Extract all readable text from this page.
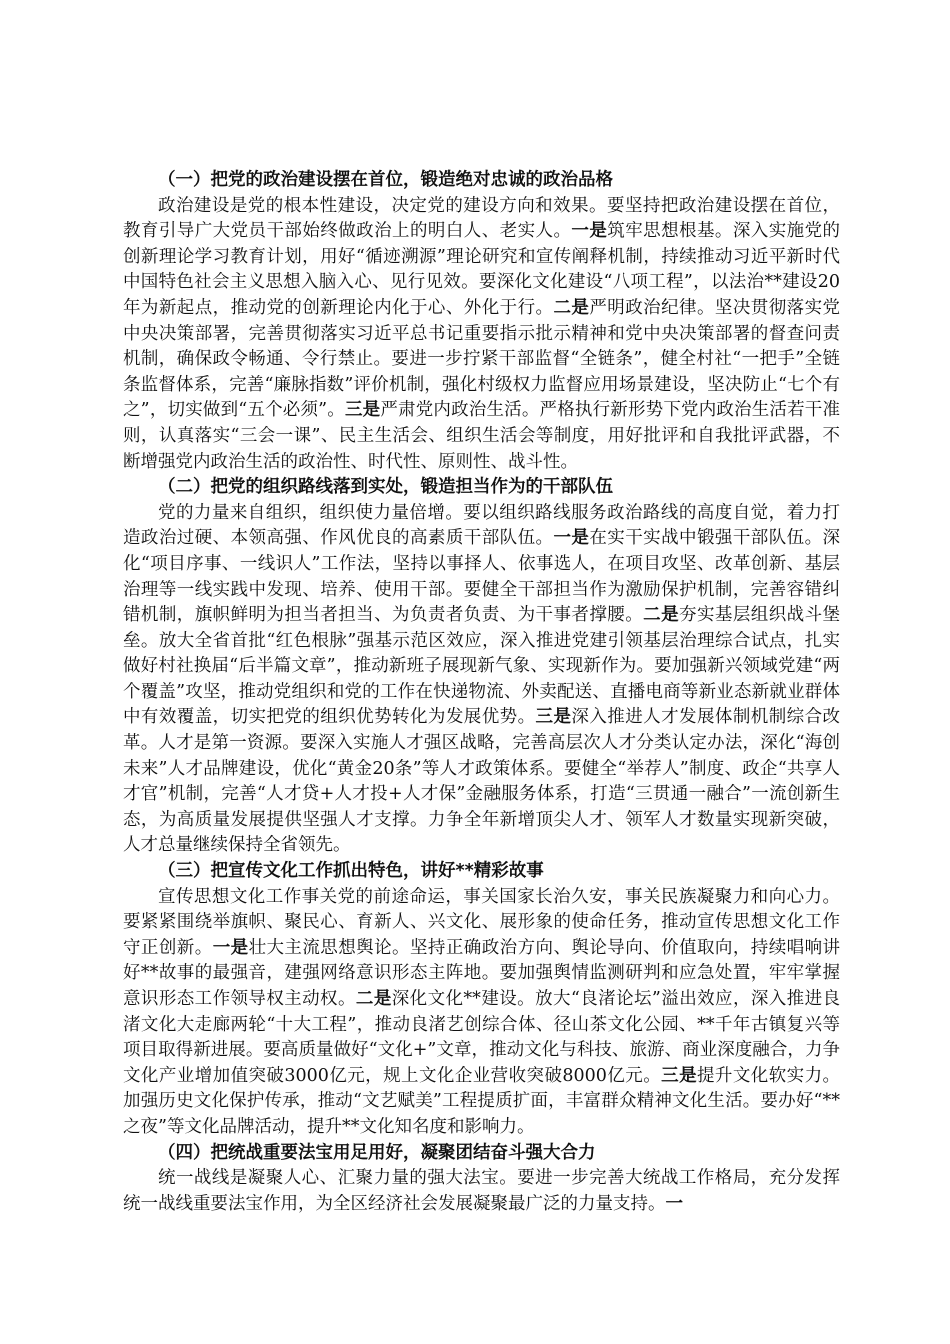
（一）把党的政治建设摆在首位，锻造绝对忠诚的政治品格
政治建设是党的根本性建设，决定党的建设方向和效果。要坚持把政治建设摆在首位，教育引导广大党员干部始终做政治上的明白人、老实人。一是筑牢思想根基。深入实施党的创新理论学习教育计划，用好“循迹溯源”理论研究和宣传阐释机制，持续推动习近平新时代中国特色社会主义思想入脑入心、见行见效。要深化文化建设“八项工程”，以法治**建设20年为新起点，推动党的创新理论内化于心、外化于行。二是严明政治纪律。坚决贯彻落实党中央决策部署，完善贯彻落实习近平总书记重要指示批示精神和党中央决策部署的督查问责机制，确保政令畅通、令行禁止。要进一步拧紧干部监督“全链条”，健全村社“一把手”全链条监督体系，完善“廉脉指数”评价机制，强化村级权力监督应用场景建设，坚决防止“七个有之”，切实做到“五个必须”。三是严肃党内政治生活。严格执行新形势下党内政治生活若干准则，认真落实“三会一课”、民主生活会、组织生活会等制度，用好批评和自我批评武器，不断增强党内政治生活的政治性、时代性、原则性、战斗性。
（二）把党的组织路线落到实处，锻造担当作为的干部队伍
党的力量来自组织，组织使力量倍增。要以组织路线服务政治路线的高度自觉，着力打造政治过硬、本领高强、作风优良的高素质干部队伍。一是在实干实战中锻强干部队伍。深化“项目序事、一线识人”工作法，坚持以事择人、依事选人，在项目攻坚、改革创新、基层治理等一线实践中发现、培养、使用干部。要健全干部担当作为激励保护机制，完善容错纠错机制，旗帜鲜明为担当者担当、为负责者负责、为干事者撑腰。二是夯实基层组织战斗堡垒。放大全省首批“红色根脉”强基示范区效应，深入推进党建引领基层治理综合试点，扎实做好村社换届“后半篇文章”，推动新班子展现新气象、实现新作为。要加强新兴领域党建“两个覆盖”攻坚，推动党组织和党的工作在快递物流、外卖配送、直播电商等新业态新就业群体中有效覆盖，切实把党的组织优势转化为发展优势。三是深入推进人才发展体制机制综合改革。人才是第一资源。要深入实施人才强区战略，完善高层次人才分类认定办法，深化“海创未来”人才品牌建设，优化“黄金20条”等人才政策体系。要健全“举荐人”制度、政企“共享人才官”机制，完善“人才贷+人才投+人才保”金融服务体系，打造“三贯通一融合”一流创新生态，为高质量发展提供坚强人才支撑。力争全年新增顶尖人才、领军人才数量实现新突破，人才总量继续保持全省领先。
（三）把宣传文化工作抓出特色，讲好**精彩故事
宣传思想文化工作事关党的前途命运，事关国家长治久安，事关民族凝聚力和向心力。要紧紧围绕举旗帜、聚民心、育新人、兴文化、展形象的使命任务，推动宣传思想文化工作守正创新。一是壮大主流思想舆论。坚持正确政治方向、舆论导向、价值取向，持续唱响讲好**故事的最强音，建强网络意识形态主阵地。要加强舆情监测研判和应急处置，牢牢掌握意识形态工作领导权主动权。二是深化文化**建设。放大“良渚论坛”溢出效应，深入推进良渚文化大走廊两轮“十大工程”，推动良渚艺创综合体、径山茶文化公园、**千年古镇复兴等项目取得新进展。要高质量做好“文化+”文章，推动文化与科技、旅游、商业深度融合，力争文化产业增加值突破3000亿元，规上文化企业营收突破8000亿元。三是提升文化软实力。加强历史文化保护传承，推动“文艺赋美”工程提质扩面，丰富群众精神文化生活。要办好“**之夜”等文化品牌活动，提升**文化知名度和影响力。
（四）把统战重要法宝用足用好，凝聚团结奋斗强大合力
统一战线是凝聚人心、汇聚力量的强大法宝。要进一步完善大统战工作格局，充分发挥统一战线重要法宝作用，为全区经济社会发展凝聚最广泛的力量支持。一
